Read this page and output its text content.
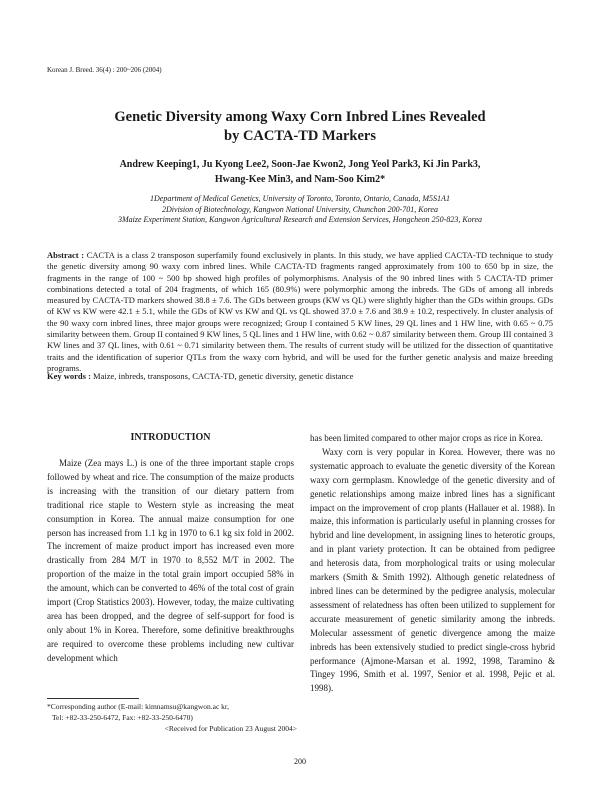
Korean J. Breed. 36(4) : 200~206 (2004)
Genetic Diversity among Waxy Corn Inbred Lines Revealed
by CACTA-TD Markers
Andrew Keeping1, Ju Kyong Lee2, Soon-Jae Kwon2, Jong Yeol Park3, Ki Jin Park3,
Hwang-Kee Min3, and Nam-Soo Kim2*
1Department of Medical Genetics, University of Toronto, Toronto, Ontario, Canada, M5S1A1
2Division of Biotechnology, Kangwon National University, Chunchon 200-701, Korea
3Maize Experiment Station, Kangwon Agricultural Research and Extension Services, Hongcheon 250-823, Korea
Abstract : CACTA is a class 2 transposon superfamily found exclusively in plants. In this study, we have applied CACTA-TD technique to study the genetic diversity among 90 waxy corn inbred lines. While CACTA-TD fragments ranged approximately from 100 to 650 bp in size, the fragments in the range of 100 ~ 500 bp showed high profiles of polymorphisms. Analysis of the 90 inbred lines with 5 CACTA-TD primer combinations detected a total of 204 fragments, of which 165 (80.9%) were polymorphic among the inbreds. The GDs of among all inbreds measured by CACTA-TD markers showed 38.8 ± 7.6. The GDs between groups (KW vs QL) were slightly higher than the GDs within groups. GDs of KW vs KW were 42.1 ± 5.1, while the GDs of KW vs KW and QL vs QL showed 37.0 ± 7.6 and 38.9 ± 10.2, respectively. In cluster analysis of the 90 waxy corn inbred lines, three major groups were recognized; Group I contained 5 KW lines, 29 QL lines and 1 HW line, with 0.65 ~ 0.75 similarity between them. Group II contained 9 KW lines, 5 QL lines and 1 HW line, with 0.62 ~ 0.87 similarity between them. Group III contained 3 KW lines and 37 QL lines, with 0.61 ~ 0.71 similarity between them. The results of current study will be utilized for the dissection of quantitative traits and the identification of superior QTLs from the waxy corn hybrid, and will be used for the further genetic analysis and maize breeding programs.
Key words : Maize, inbreds, transposons, CACTA-TD, genetic diversity, genetic distance
INTRODUCTION

Maize (Zea mays L.) is one of the three important staple crops followed by wheat and rice. The consumption of the maize products is increasing with the transition of our dietary pattern from traditional rice staple to Western style as increasing the meat consumption in Korea. The annual maize consumption for one person has increased from 1.1 kg in 1970 to 6.1 kg six fold in 2002. The increment of maize product import has increased even more drastically from 284 M/T in 1970 to 8,552 M/T in 2002. The proportion of the maize in the total grain import occupied 58% in the amount, which can be converted to 46% of the total cost of grain import (Crop Statistics 2003). However, today, the maize cultivating area has been dropped, and the degree of self-support for food is only about 1% in Korea. Therefore, some definitive breakthroughs are required to overcome these problems including new cultivar development which

has been limited compared to other major crops as rice in Korea.

Waxy corn is very popular in Korea. However, there was no systematic approach to evaluate the genetic diversity of the Korean waxy corn germplasm. Knowledge of the genetic diversity and of genetic relationships among maize inbred lines has a significant impact on the improvement of crop plants (Hallauer et al. 1988). In maize, this information is particularly useful in planning crosses for hybrid and line development, in assigning lines to heterotic groups, and in plant variety protection. It can be obtained from pedigree and heterosis data, from morphological traits or using molecular markers (Smith & Smith 1992). Although genetic relatedness of inbred lines can be determined by the pedigree analysis, molecular assessment of relatedness has often been utilized to supplement for accurate measurement of genetic similarity among the inbreds. Molecular assessment of genetic divergence among the maize inbreds has been extensively studied to predict single-cross hybrid performance (Ajmone-Marsan et al. 1992, 1998, Taramino & Tingey 1996, Smith et al. 1997, Senior et al. 1998, Pejic et al. 1998).

*Corresponding author (E-mail: kimnamsu@kangwon.ac kr,
Tel: +82-33-250-6472, Fax: +82-33-250-6470)
<Received for Publication 23 August 2004>
200
